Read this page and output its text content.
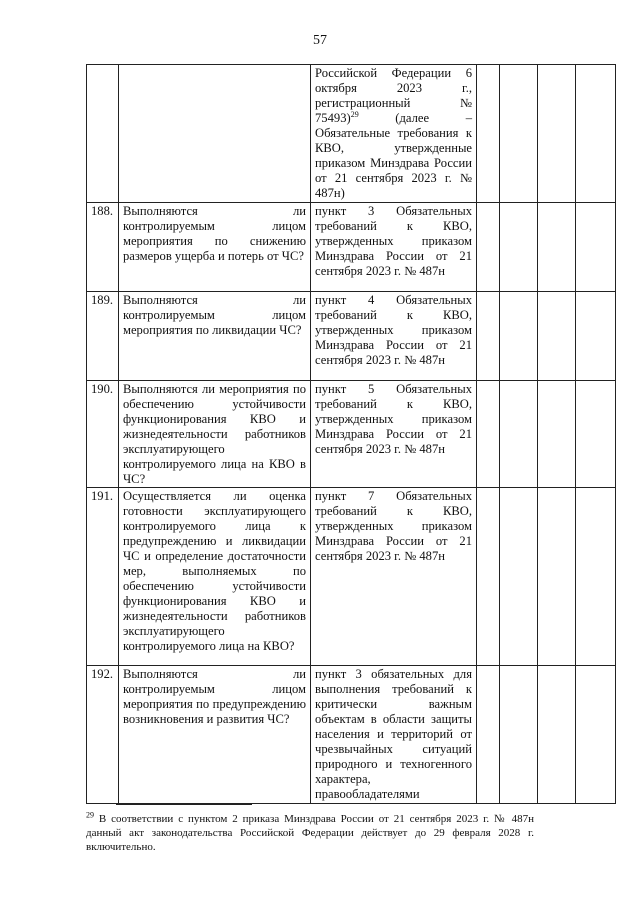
57
		Российской Федерации 6 октября 2023 г., регистрационный № 75493)$^{29}$ (далее – Обязательные требования к КВО, утвержденные приказом Минздрава России от 21 сентября 2023 г. № 487н)				
188.	Выполняются ли контролируемым лицом мероприятия по снижению размеров ущерба и потерь от ЧС?	пункт 3 Обязательных требований к КВО, утвержденных приказом Минздрава России от 21 сентября 2023 г. № 487н				
189.	Выполняются ли контролируемым лицом мероприятия по ликвидации ЧС?	пункт 4 Обязательных требований к КВО, утвержденных приказом Минздрава России от 21 сентября 2023 г. № 487н				
190.	Выполняются ли мероприятия по обеспечению устойчивости функционирования КВО и жизнедеятельности работников эксплуатирующего контролируемого лица на КВО в ЧС?	пункт 5 Обязательных требований к КВО, утвержденных приказом Минздрава России от 21 сентября 2023 г. № 487н				
191.	Осуществляется ли оценка готовности эксплуатирующего контролируемого лица к предупреждению и ликвидации ЧС и определение достаточности мер, выполняемых по обеспечению устойчивости функционирования КВО и жизнедеятельности работников эксплуатирующего контролируемого лица на КВО?	пункт 7 Обязательных требований к КВО, утвержденных приказом Минздрава России от 21 сентября 2023 г. № 487н				
192.	Выполняются ли контролируемым лицом мероприятия по предупреждению возникновения и развития ЧС?	пункт 3 обязательных для выполнения требований к критически важным объектам в области защиты населения и территорий от чрезвычайных ситуаций природного и техногенного характера, правообладателями				
$^{29}$ В соответствии с пунктом 2 приказа Минздрава России от 21 сентября 2023 г. № 487н данный акт законодательства Российской Федерации действует до 29 февраля 2028 г. включительно.
